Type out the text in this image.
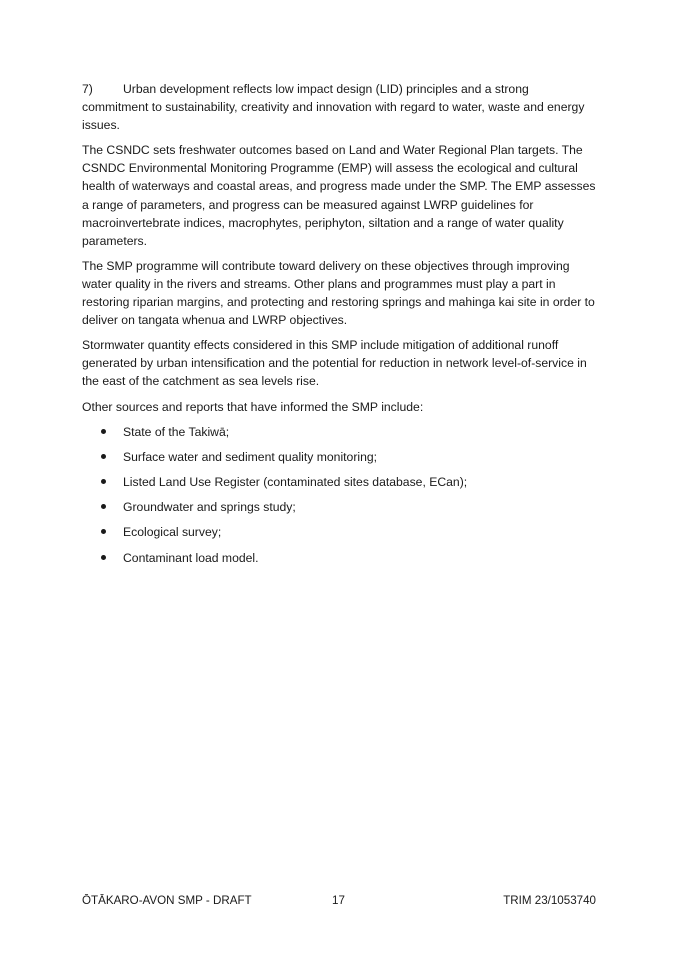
7) Urban development reflects low impact design (LID) principles and a strong commitment to sustainability, creativity and innovation with regard to water, waste and energy issues.

The CSNDC sets freshwater outcomes based on Land and Water Regional Plan targets. The CSNDC Environmental Monitoring Programme (EMP) will assess the ecological and cultural health of waterways and coastal areas, and progress made under the SMP. The EMP assesses a range of parameters, and progress can be measured against LWRP guidelines for macroinvertebrate indices, macrophytes, periphyton, siltation and a range of water quality parameters.

The SMP programme will contribute toward delivery on these objectives through improving water quality in the rivers and streams. Other plans and programmes must play a part in restoring riparian margins, and protecting and restoring springs and mahinga kai site in order to deliver on tangata whenua and LWRP objectives.

Stormwater quantity effects considered in this SMP include mitigation of additional runoff generated by urban intensification and the potential for reduction in network level-of-service in the east of the catchment as sea levels rise.

Other sources and reports that have informed the SMP include:

State of the Takiwā;
Surface water and sediment quality monitoring;
Listed Land Use Register (contaminated sites database, ECan);
Groundwater and springs study;
Ecological survey;
Contaminant load model.
ŌTĀKARO-AVON SMP - DRAFT	17	TRIM 23/1053740
